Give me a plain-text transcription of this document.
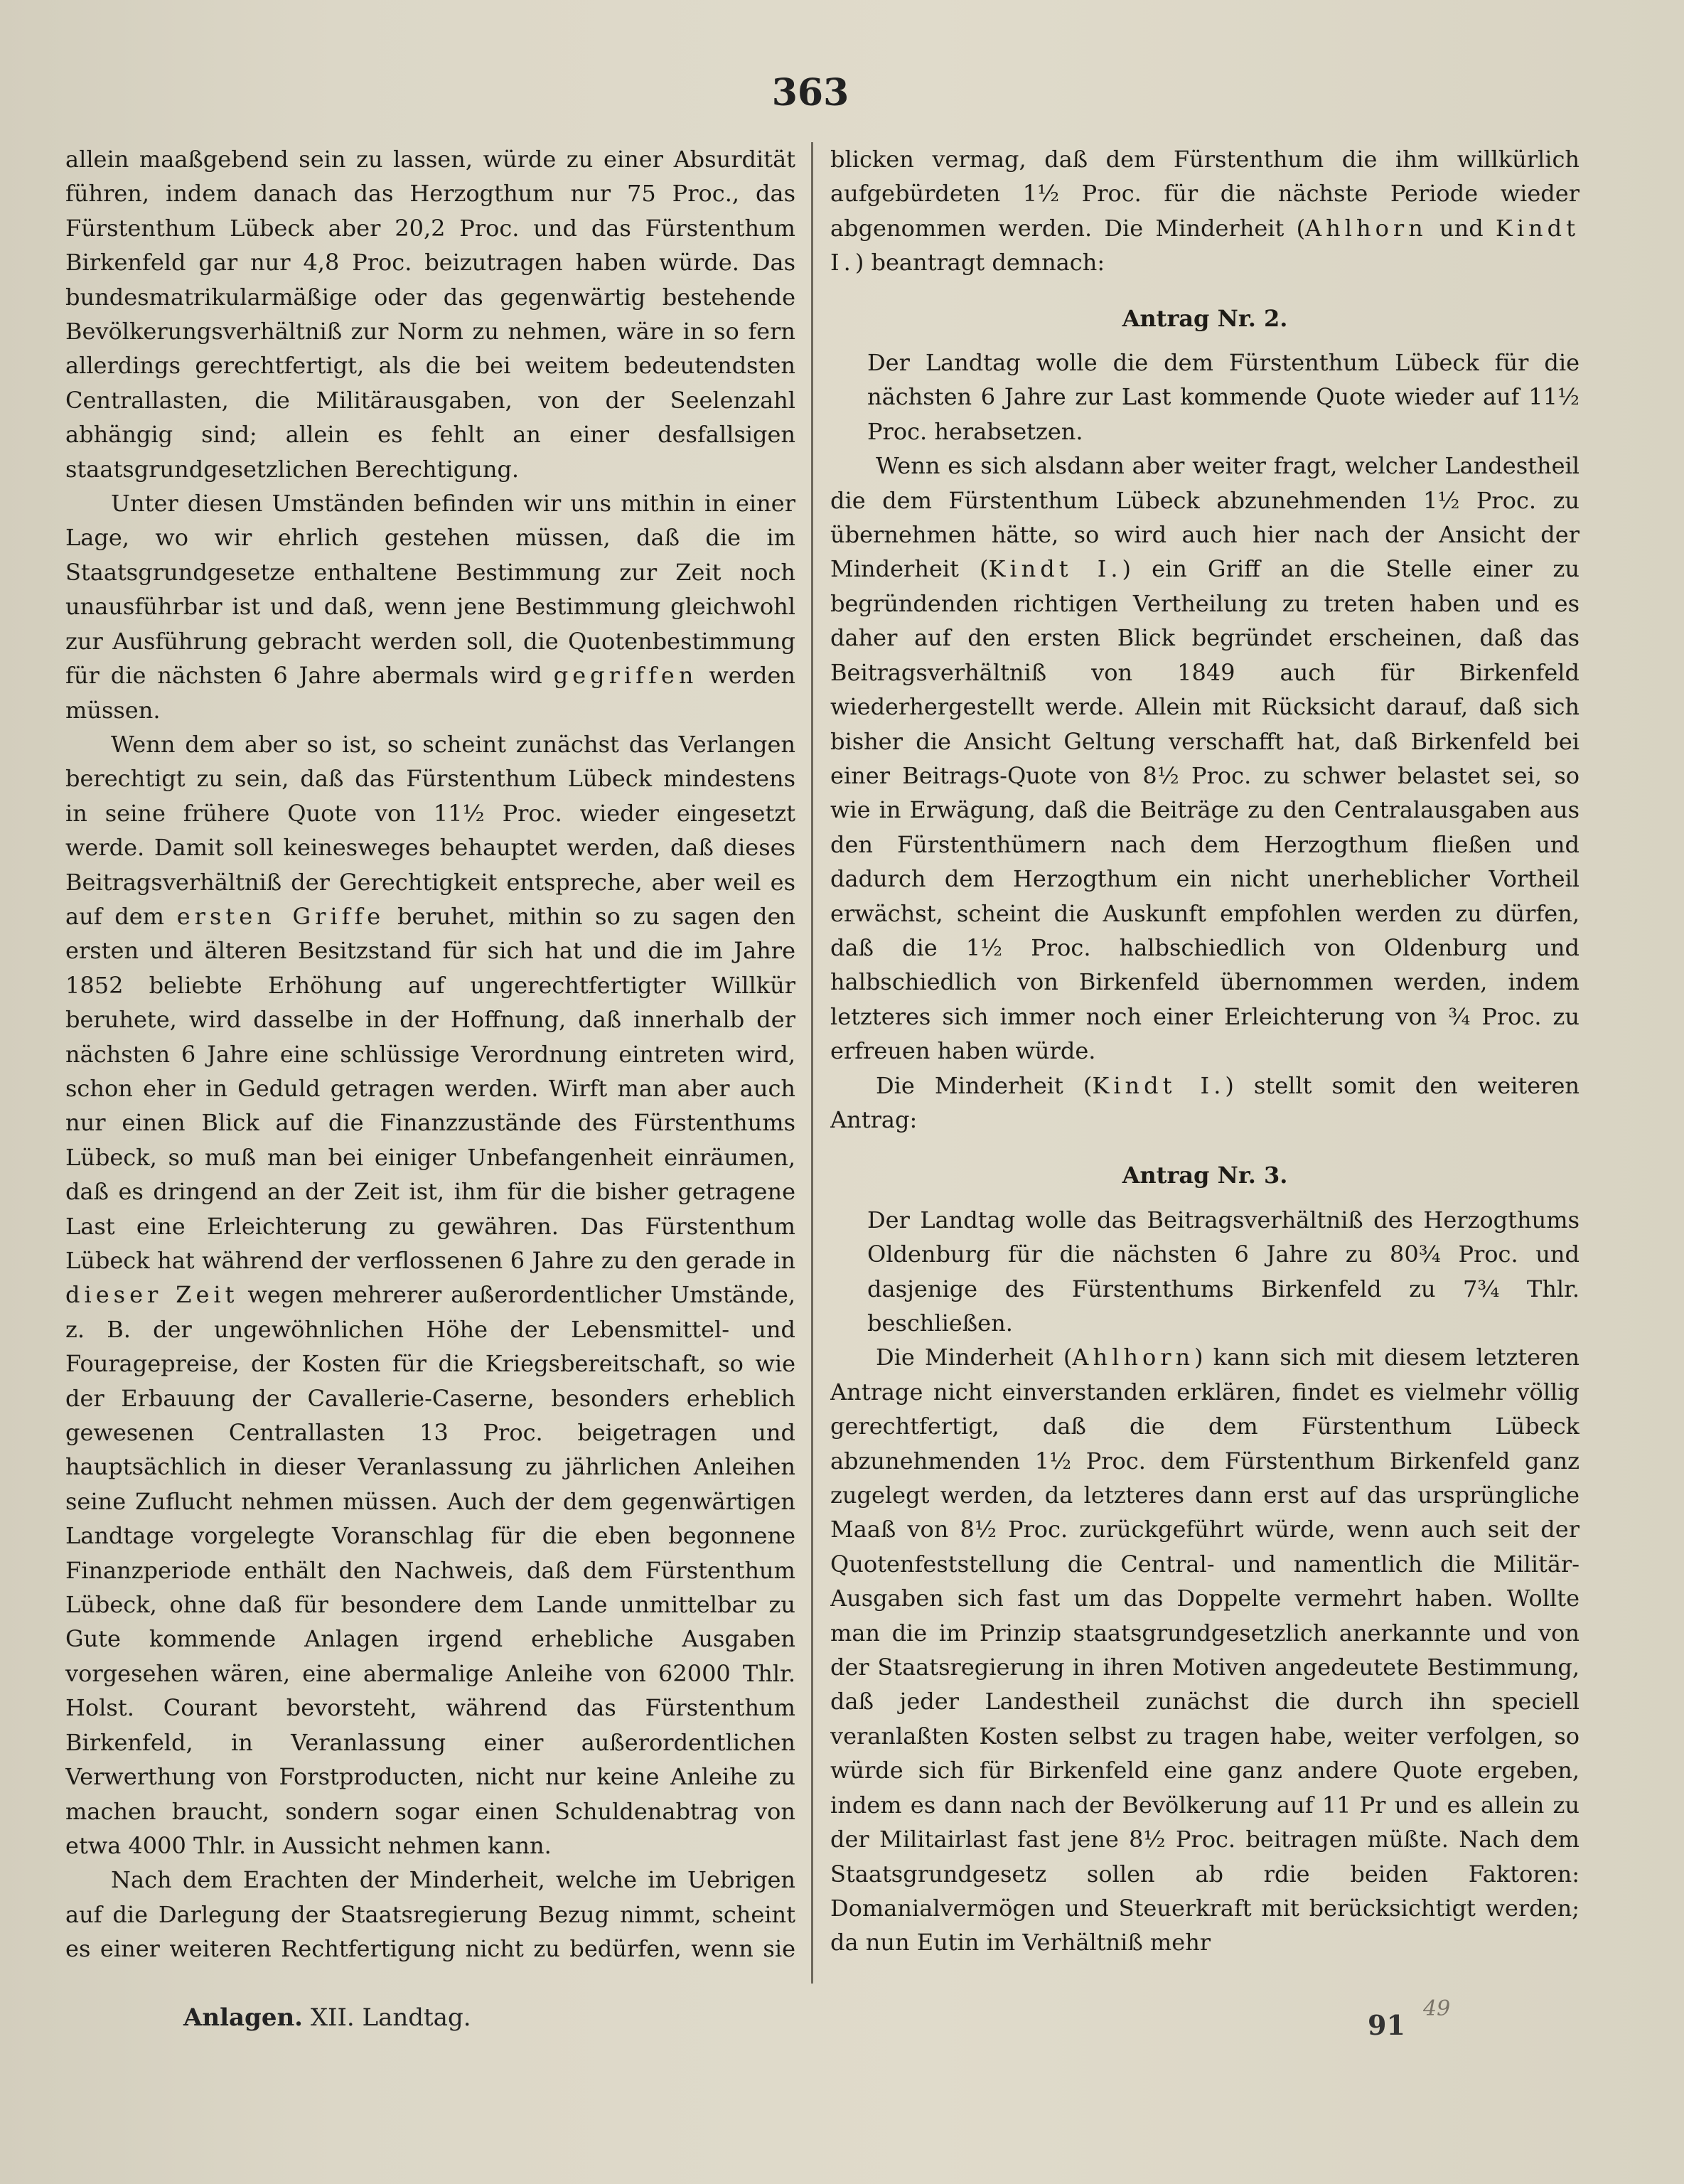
363

allein maaßgebend sein zu lassen, würde zu einer Absurdität führen, indem danach das Herzogthum nur 75 Proc., das Fürstenthum Lübeck aber 20,2 Proc. und das Fürstenthum Birkenfeld gar nur 4,8 Proc. beizutragen haben würde. Das bundesmatrikularmäßige oder das gegenwärtig bestehende Bevölkerungsverhältniß zur Norm zu nehmen, wäre in so fern allerdings gerechtfertigt, als die bei weitem bedeutendsten Centrallasten, die Militärausgaben, von der Seelenzahl abhängig sind; allein es fehlt an einer desfallsigen staatsgrundgesetzlichen Berechtigung.

Unter diesen Umständen befinden wir uns mithin in einer Lage, wo wir ehrlich gestehen müssen, daß die im Staatsgrundgesetze enthaltene Bestimmung zur Zeit noch unausführbar ist und daß, wenn jene Bestimmung gleichwohl zur Ausführung gebracht werden soll, die Quotenbestimmung für die nächsten 6 Jahre abermals wird gegriffen werden müssen.

Wenn dem aber so ist, so scheint zunächst das Verlangen berechtigt zu sein, daß das Fürstenthum Lübeck mindestens in seine frühere Quote von 11½ Proc. wieder eingesetzt werde. Damit soll keinesweges behauptet werden, daß dieses Beitragsverhältniß der Gerechtigkeit entspreche, aber weil es auf dem ersten Griffe beruhet, mithin so zu sagen den ersten und älteren Besitzstand für sich hat und die im Jahre 1852 beliebte Erhöhung auf ungerechtfertigter Willkür beruhete, wird dasselbe in der Hoffnung, daß innerhalb der nächsten 6 Jahre eine schlüssige Verordnung eintreten wird, schon eher in Geduld getragen werden. Wirft man aber auch nur einen Blick auf die Finanzzustände des Fürstenthums Lübeck, so muß man bei einiger Unbefangenheit einräumen, daß es dringend an der Zeit ist, ihm für die bisher getragene Last eine Erleichterung zu gewähren. Das Fürstenthum Lübeck hat während der verflossenen 6 Jahre zu den gerade in dieser Zeit wegen mehrerer außerordentlicher Umstände, z. B. der ungewöhnlichen Höhe der Lebensmittel- und Fouragepreise, der Kosten für die Kriegsbereitschaft, so wie der Erbauung der Cavallerie-Caserne, besonders erheblich gewesenen Centrallasten 13 Proc. beigetragen und hauptsächlich in dieser Veranlassung zu jährlichen Anleihen seine Zuflucht nehmen müssen. Auch der dem gegenwärtigen Landtage vorgelegte Voranschlag für die eben begonnene Finanzperiode enthält den Nachweis, daß dem Fürstenthum Lübeck, ohne daß für besondere dem Lande unmittelbar zu Gute kommende Anlagen irgend erhebliche Ausgaben vorgesehen wären, eine abermalige Anleihe von 62000 Thlr. Holst. Courant bevorsteht, während das Fürstenthum Birkenfeld, in Veranlassung einer außerordentlichen Verwerthung von Forstproducten, nicht nur keine Anleihe zu machen braucht, sondern sogar einen Schuldenabtrag von etwa 4000 Thlr. in Aussicht nehmen kann.

Nach dem Erachten der Minderheit, welche im Uebrigen auf die Darlegung der Staatsregierung Bezug nimmt, scheint es einer weiteren Rechtfertigung nicht zu bedürfen, wenn sie

blicken vermag, daß dem Fürstenthum die ihm willkürlich aufgebürdeten 1½ Proc. für die nächste Periode wieder abgenommen werden. Die Minderheit (Ahlhorn und Kindt I.) beantragt demnach:

Antrag Nr. 2.

Der Landtag wolle die dem Fürstenthum Lübeck für die nächsten 6 Jahre zur Last kommende Quote wieder auf 11½ Proc. herabsetzen.

Wenn es sich alsdann aber weiter fragt, welcher Landestheil die dem Fürstenthum Lübeck abzunehmenden 1½ Proc. zu übernehmen hätte, so wird auch hier nach der Ansicht der Minderheit (Kindt I.) ein Griff an die Stelle einer zu begründenden richtigen Vertheilung zu treten haben und es daher auf den ersten Blick begründet erscheinen, daß das Beitragsverhältniß von 1849 auch für Birkenfeld wiederhergestellt werde. Allein mit Rücksicht darauf, daß sich bisher die Ansicht Geltung verschafft hat, daß Birkenfeld bei einer Beitrags-Quote von 8½ Proc. zu schwer belastet sei, so wie in Erwägung, daß die Beiträge zu den Centralausgaben aus den Fürstenthümern nach dem Herzogthum fließen und dadurch dem Herzogthum ein nicht unerheblicher Vortheil erwächst, scheint die Auskunft empfohlen werden zu dürfen, daß die 1½ Proc. halbschiedlich von Oldenburg und halbschiedlich von Birkenfeld übernommen werden, indem letzteres sich immer noch einer Erleichterung von ¾ Proc. zu erfreuen haben würde.

Die Minderheit (Kindt I.) stellt somit den weiteren Antrag:

Antrag Nr. 3.

Der Landtag wolle das Beitragsverhältniß des Herzogthums Oldenburg für die nächsten 6 Jahre zu 80¾ Proc. und dasjenige des Fürstenthums Birkenfeld zu 7¾ Thlr. beschließen.

Die Minderheit (Ahlhorn) kann sich mit diesem letzteren Antrage nicht einverstanden erklären, findet es vielmehr völlig gerechtfertigt, daß die dem Fürstenthum Lübeck abzunehmenden 1½ Proc. dem Fürstenthum Birkenfeld ganz zugelegt werden, da letzteres dann erst auf das ursprüngliche Maaß von 8½ Proc. zurückgeführt würde, wenn auch seit der Quotenfeststellung die Central- und namentlich die Militär-Ausgaben sich fast um das Doppelte vermehrt haben. Wollte man die im Prinzip staatsgrundgesetzlich anerkannte und von der Staatsregierung in ihren Motiven angedeutete Bestimmung, daß jeder Landestheil zunächst die durch ihn speciell veranlaßten Kosten selbst zu tragen habe, weiter verfolgen, so würde sich für Birkenfeld eine ganz andere Quote ergeben, indem es dann nach der Bevölkerung auf 11 Pr und es allein zu der Militairlast fast jene 8½ Proc. beitragen müßte. Nach dem Staatsgrundgesetz sollen ab rdie beiden Faktoren: Domanialvermögen und Steuerkraft mit berücksichtigt werden; da nun Eutin im Verhältniß mehr

Anlagen. XII. Landtag.	91
49
